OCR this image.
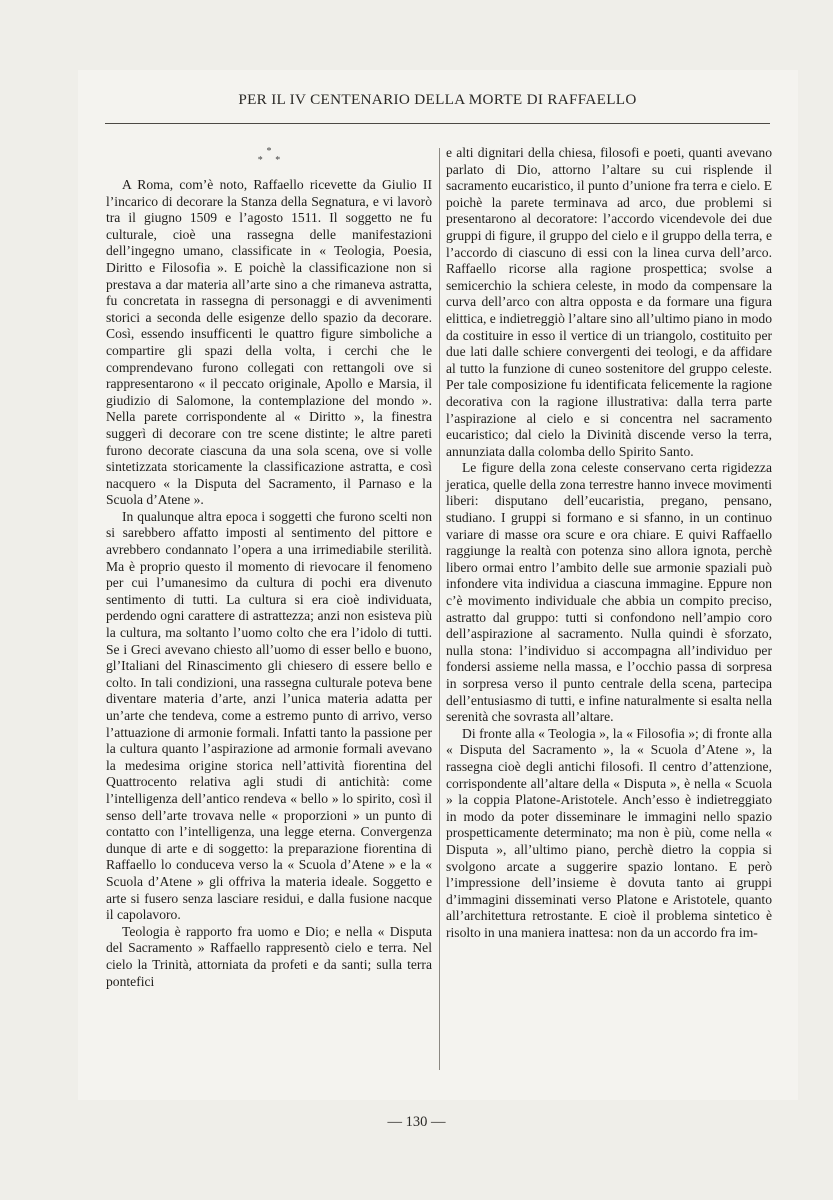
PER IL IV CENTENARIO DELLA MORTE DI RAFFAELLO
*
* *

A Roma, com’è noto, Raffaello ricevette da Giulio II l’incarico di decorare la Stanza della Segnatura, e vi lavorò tra il giugno 1509 e l’agosto 1511. Il soggetto ne fu culturale, cioè una rassegna delle manifestazioni dell’ingegno umano, classificate in « Teologia, Poesia, Diritto e Filosofia ». E poichè la classificazione non si prestava a dar materia all’arte sino a che rimaneva astratta, fu concretata in rassegna di personaggi e di avvenimenti storici a seconda delle esigenze dello spazio da decorare. Così, essendo insufficenti le quattro figure simboliche a compartire gli spazi della volta, i cerchi che le comprendevano furono collegati con rettangoli ove si rappresentarono « il peccato originale, Apollo e Marsia, il giudizio di Salomone, la contemplazione del mondo ». Nella parete corrispondente al « Diritto », la finestra suggerì di decorare con tre scene distinte; le altre pareti furono decorate ciascuna da una sola scena, ove si volle sintetizzata storicamente la classificazione astratta, e così nacquero « la Disputa del Sacramento, il Parnaso e la Scuola d’Atene ».

In qualunque altra epoca i soggetti che furono scelti non si sarebbero affatto imposti al sentimento del pittore e avrebbero condannato l’opera a una irrimediabile sterilità. Ma è proprio questo il momento di rievocare il fenomeno per cui l’umanesimo da cultura di pochi era divenuto sentimento di tutti. La cultura si era cioè individuata, perdendo ogni carattere di astrattezza; anzi non esisteva più la cultura, ma soltanto l’uomo colto che era l’idolo di tutti. Se i Greci avevano chiesto all’uomo di esser bello e buono, gl’Italiani del Rinascimento gli chiesero di essere bello e colto. In tali condizioni, una rassegna culturale poteva bene diventare materia d’arte, anzi l’unica materia adatta per un’arte che tendeva, come a estremo punto di arrivo, verso l’attuazione di armonie formali. Infatti tanto la passione per la cultura quanto l’aspirazione ad armonie formali avevano la medesima origine storica nell’attività fiorentina del Quattrocento relativa agli studi di antichità: come l’intelligenza dell’antico rendeva « bello » lo spirito, così il senso dell’arte trovava nelle « proporzioni » un punto di contatto con l’intelligenza, una legge eterna. Convergenza dunque di arte e di soggetto: la preparazione fiorentina di Raffaello lo conduceva verso la « Scuola d’Atene » e la « Scuola d’Atene » gli offriva la materia ideale. Soggetto e arte si fusero senza lasciare residui, e dalla fusione nacque il capolavoro.

Teologia è rapporto fra uomo e Dio; e nella « Disputa del Sacramento » Raffaello rappresentò cielo e terra. Nel cielo la Trinità, attorniata da profeti e da santi; sulla terra pontefici

e alti dignitari della chiesa, filosofi e poeti, quanti avevano parlato di Dio, attorno l’altare su cui risplende il sacramento eucaristico, il punto d’unione fra terra e cielo. E poichè la parete terminava ad arco, due problemi si presentarono al decoratore: l’accordo vicendevole dei due gruppi di figure, il gruppo del cielo e il gruppo della terra, e l’accordo di ciascuno di essi con la linea curva dell’arco. Raffaello ricorse alla ragione prospettica; svolse a semicerchio la schiera celeste, in modo da compensare la curva dell’arco con altra opposta e da formare una figura elittica, e indietreggiò l’altare sino all’ultimo piano in modo da costituire in esso il vertice di un triangolo, costituito per due lati dalle schiere convergenti dei teologi, e da affidare al tutto la funzione di cuneo sostenitore del gruppo celeste. Per tale composizione fu identificata felicemente la ragione decorativa con la ragione illustrativa: dalla terra parte l’aspirazione al cielo e si concentra nel sacramento eucaristico; dal cielo la Divinità discende verso la terra, annunziata dalla colomba dello Spirito Santo.

Le figure della zona celeste conservano certa rigidezza jeratica, quelle della zona terrestre hanno invece movimenti liberi: disputano dell’eucaristia, pregano, pensano, studiano. I gruppi si formano e si sfanno, in un continuo variare di masse ora scure e ora chiare. E quivi Raffaello raggiunge la realtà con potenza sino allora ignota, perchè libero ormai entro l’ambito delle sue armonie spaziali può infondere vita individua a ciascuna immagine. Eppure non c’è movimento individuale che abbia un compito preciso, astratto dal gruppo: tutti si confondono nell’ampio coro dell’aspirazione al sacramento. Nulla quindi è sforzato, nulla stona: l’individuo si accompagna all’individuo per fondersi assieme nella massa, e l’occhio passa di sorpresa in sorpresa verso il punto centrale della scena, partecipa dell’entusiasmo di tutti, e infine naturalmente si esalta nella serenità che sovrasta all’altare.

Di fronte alla « Teologia », la « Filosofia »; di fronte alla « Disputa del Sacramento », la « Scuola d’Atene », la rassegna cioè degli antichi filosofi. Il centro d’attenzione, corrispondente all’altare della « Disputa », è nella « Scuola » la coppia Platone-Aristotele. Anch’esso è indietreggiato in modo da poter disseminare le immagini nello spazio prospetticamente determinato; ma non è più, come nella « Disputa », all’ultimo piano, perchè dietro la coppia si svolgono arcate a suggerire spazio lontano. E però l’impressione dell’insieme è dovuta tanto ai gruppi d’immagini disseminati verso Platone e Aristotele, quanto all’architettura retrostante. E cioè il problema sintetico è risolto in una maniera inattesa: non da un accordo fra im-

— 130 —
